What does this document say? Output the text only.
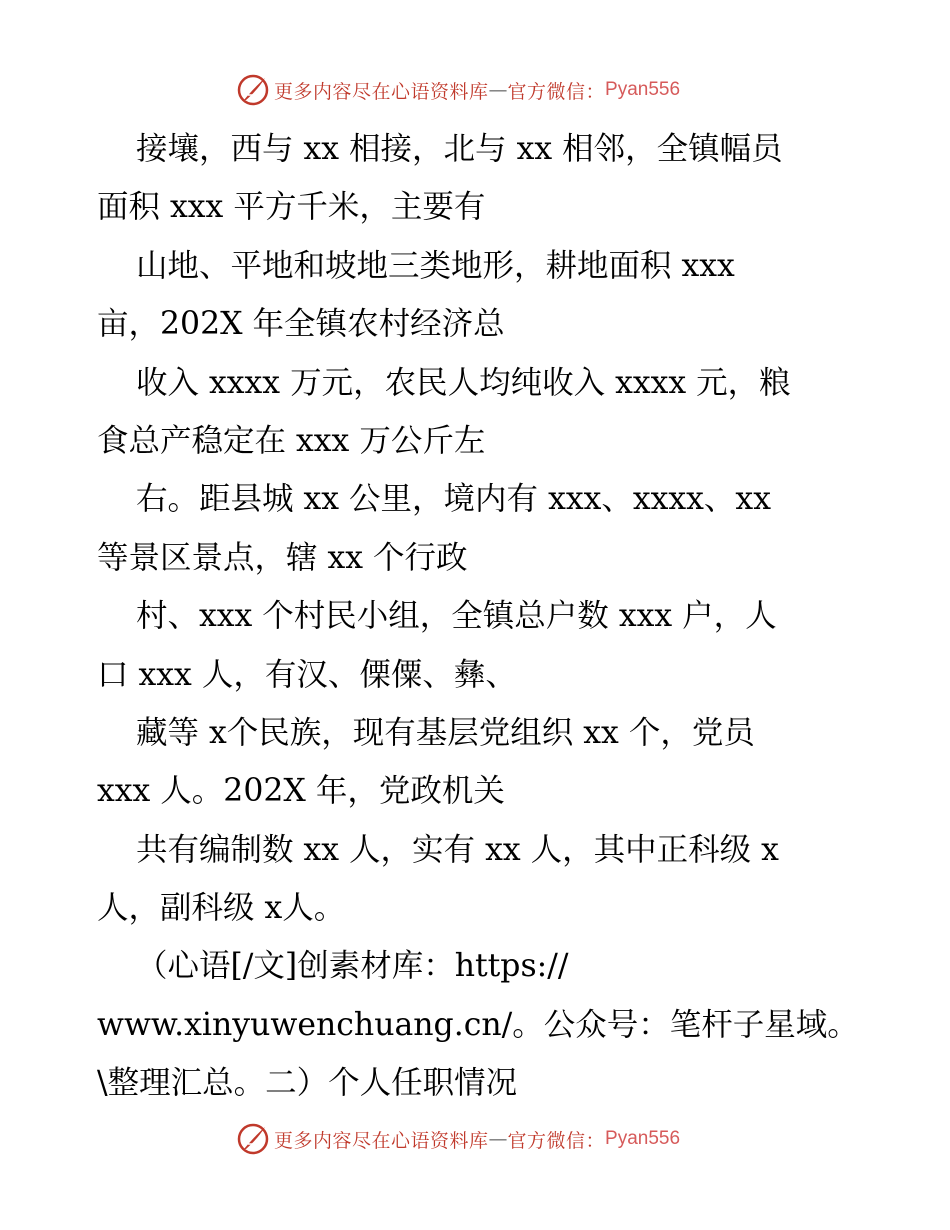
更多内容尽在心语资料库 — 官方微信： Pyan556
接壤，西与 xx 相接，北与 xx 相邻，全镇幅员
面积 xxx 平方千米，主要有
山地、平地和坡地三类地形，耕地面积 xxx
亩，202X 年全镇农村经济总
收入 xxxx 万元，农民人均纯收入 xxxx 元，粮
食总产稳定在 xxx 万公斤左
右。距县城 xx 公里，境内有 xxx、xxxx、xx
等景区景点，辖 xx 个行政
村、xxx 个村民小组，全镇总户数 xxx 户，人
口 xxx 人，有汉、傈僳、彝、
藏等 x个民族，现有基层党组织 xx 个，党员
xxx 人。202X 年，党政机关
共有编制数 xx 人，实有 xx 人，其中正科级 x
人，副科级 x人。
（心语[/文]创素材库：https://
www.xinyuwenchuang.cn/。公众号：笔杆子星域。
\整理汇总。二）个人任职情况
更多内容尽在心语资料库 — 官方微信： Pyan556
